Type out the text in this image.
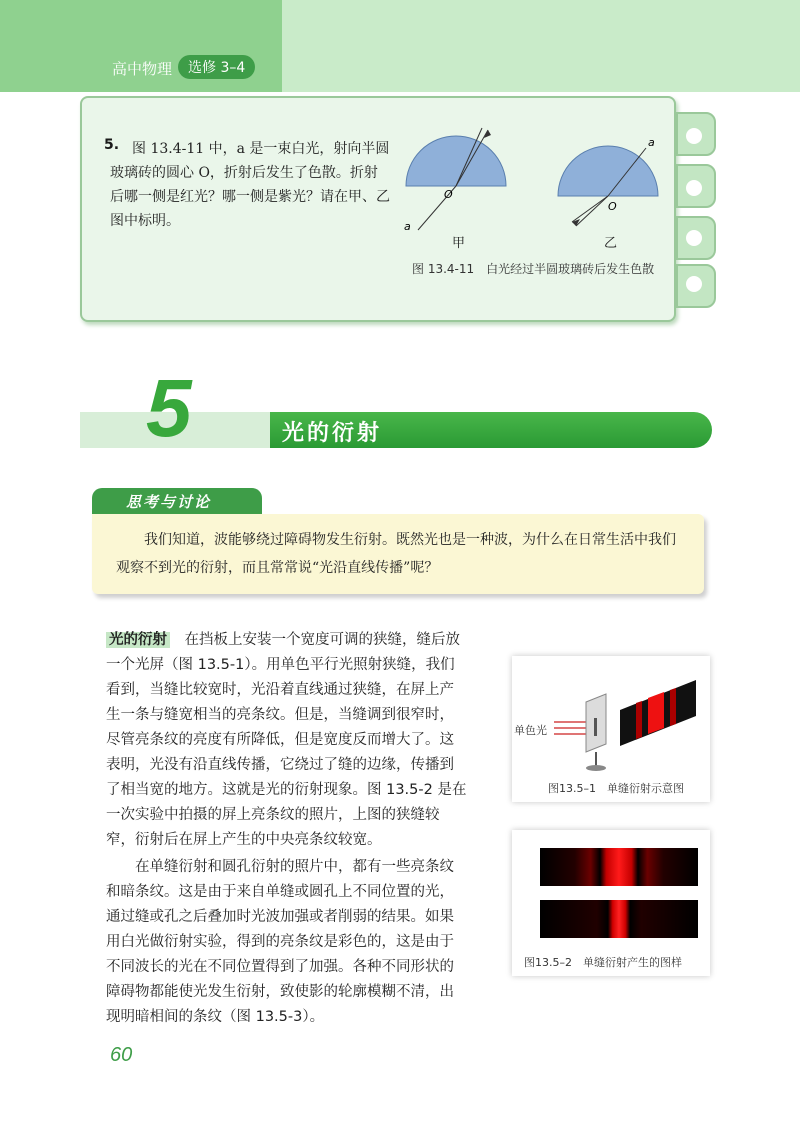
高中物理	选修 3–4
5. 图 13.4-11 中，a 是一束白光，射向半圆玻璃砖的圆心 O，折射后发生了色散。折射后哪一侧是红光？哪一侧是紫光？请在甲、乙图中标明。
O
a
O
a
甲	乙
图 13.4-11　白光经过半圆玻璃砖后发生色散
5	光的衍射
思考与讨论
我们知道，波能够绕过障碍物发生衍射。既然光也是一种波，为什么在日常生活中我们观察不到光的衍射，而且常常说“光沿直线传播”呢？

光的衍射　 在挡板上安装一个宽度可调的狭缝，缝后放一个光屏（图 13.5-1）。用单色平行光照射狭缝，我们看到，当缝比较宽时，光沿着直线通过狭缝，在屏上产生一条与缝宽相当的亮条纹。但是，当缝调到很窄时，尽管亮条纹的亮度有所降低，但是宽度反而增大了。这表明，光没有沿直线传播，它绕过了缝的边缘，传播到了相当宽的地方。这就是光的衍射现象。图 13.5-2 是在一次实验中拍摄的屏上亮条纹的照片，上图的狭缝较窄，衍射后在屏上产生的中央亮条纹较宽。

在单缝衍射和圆孔衍射的照片中，都有一些亮条纹和暗条纹。这是由于来自单缝或圆孔上不同位置的光，通过缝或孔之后叠加时光波加强或者削弱的结果。如果用白光做衍射实验，得到的亮条纹是彩色的，这是由于不同波长的光在不同位置得到了加强。各种不同形状的障碍物都能使光发生衍射，致使影的轮廓模糊不清，出现明暗相间的条纹（图 13.5-3）。

单色光
图13.5–1　单缝衍射示意图
图13.5–2　单缝衍射产生的图样
60
